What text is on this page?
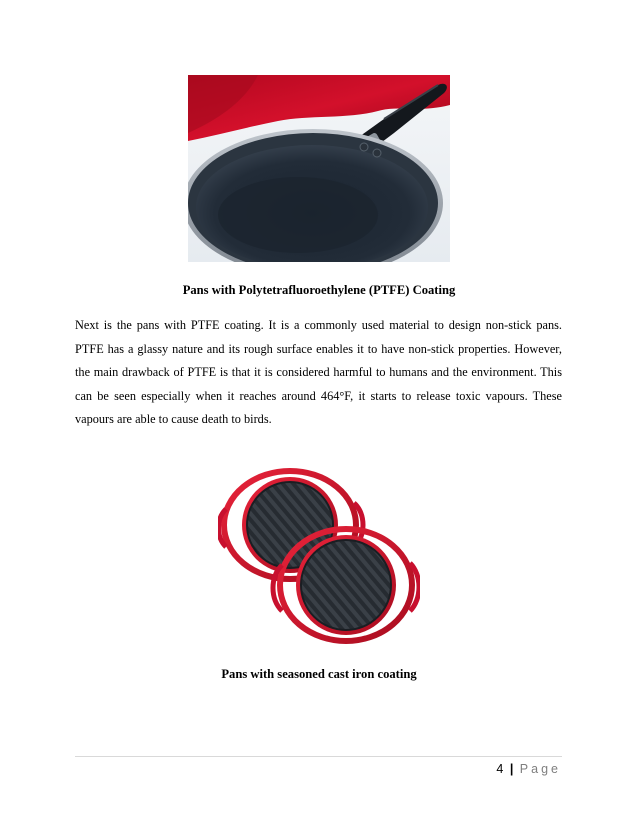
Pans with Polytetrafluoroethylene (PTFE) Coating

Next is the pans with PTFE coating. It is a commonly used material to design non-stick pans. PTFE has a glassy nature and its rough surface enables it to have non-stick properties. However, the main drawback of PTFE is that it is considered harmful to humans and the environment. This can be seen especially when it reaches around 464°F, it starts to release toxic vapours. These vapours are able to cause death to birds.

Pans with seasoned cast iron coating
4 | Page
